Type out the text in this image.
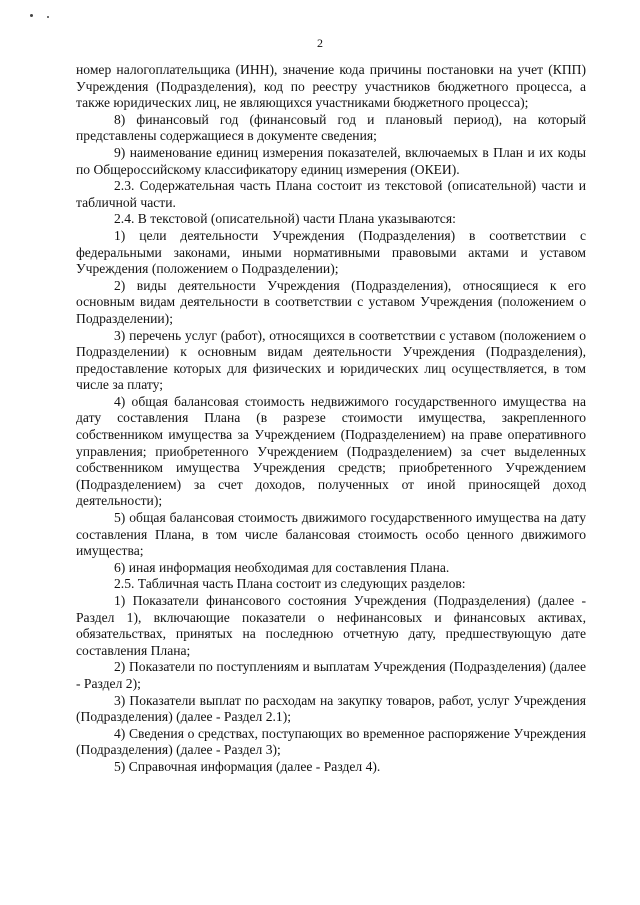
2

номер налогоплательщика (ИНН), значение кода причины постановки на учет (КПП) Учреждения (Подразделения), код по реестру участников бюджетного процесса, а также юридических лиц, не являющихся участниками бюджетного процесса);

8) финансовый год (финансовый год и плановый период), на который представлены содержащиеся в документе сведения;

9) наименование единиц измерения показателей, включаемых в План и их коды по Общероссийскому классификатору единиц измерения (ОКЕИ).

2.3. Содержательная часть Плана состоит из текстовой (описательной) части и табличной части.

2.4. В текстовой (описательной) части Плана указываются:

1) цели деятельности Учреждения (Подразделения) в соответствии с федеральными законами, иными нормативными правовыми актами и уставом Учреждения (положением о Подразделении);

2) виды деятельности Учреждения (Подразделения), относящиеся к его основным видам деятельности в соответствии с уставом Учреждения (положением о Подразделении);

3) перечень услуг (работ), относящихся в соответствии с уставом (положением о Подразделении) к основным видам деятельности Учреждения (Подразделения), предоставление которых для физических и юридических лиц осуществляется, в том числе за плату;

4) общая балансовая стоимость недвижимого государственного имущества на дату составления Плана (в разрезе стоимости имущества, закрепленного собственником имущества за Учреждением (Подразделением) на праве оперативного управления; приобретенного Учреждением (Подразделением) за счет выделенных собственником имущества Учреждения средств; приобретенного Учреждением (Подразделением) за счет доходов, полученных от иной приносящей доход деятельности);

5) общая балансовая стоимость движимого государственного имущества на дату составления Плана, в том числе балансовая стоимость особо ценного движимого имущества;

6) иная информация необходимая для составления Плана.

2.5. Табличная часть Плана состоит из следующих разделов:

1) Показатели финансового состояния Учреждения (Подразделения) (далее - Раздел 1), включающие показатели о нефинансовых и финансовых активах, обязательствах, принятых на последнюю отчетную дату, предшествующую дате составления Плана;

2) Показатели по поступлениям и выплатам Учреждения (Подразделения) (далее - Раздел 2);

3) Показатели выплат по расходам на закупку товаров, работ, услуг Учреждения (Подразделения) (далее - Раздел 2.1);

4) Сведения о средствах, поступающих во временное распоряжение Учреждения (Подразделения) (далее - Раздел 3);

5) Справочная информация (далее - Раздел 4).
